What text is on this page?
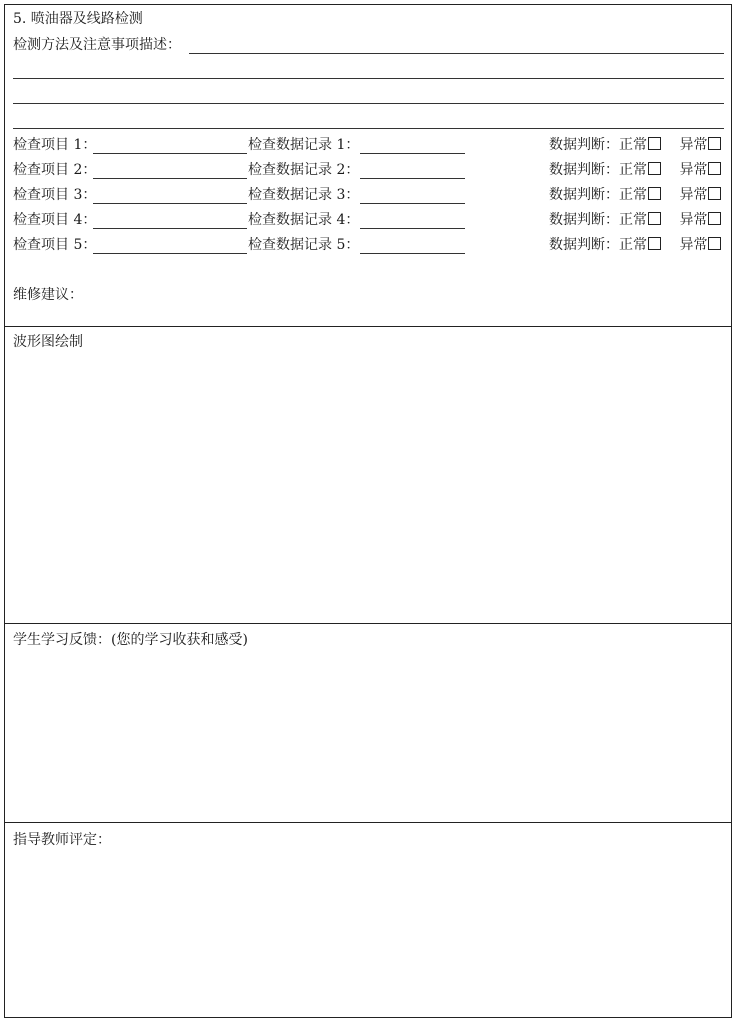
5. 喷油器及线路检测
检测方法及注意事项描述：
检查项目 1：	检查数据记录 1：	数据判断：正常 异常
检查项目 2：	检查数据记录 2：	数据判断：正常 异常
检查项目 3：	检查数据记录 3：	数据判断：正常 异常
检查项目 4：	检查数据记录 4：	数据判断：正常 异常
检查项目 5：	检查数据记录 5：	数据判断：正常 异常
维修建议：
波形图绘制
学生学习反馈：(您的学习收获和感受)
指导教师评定：
